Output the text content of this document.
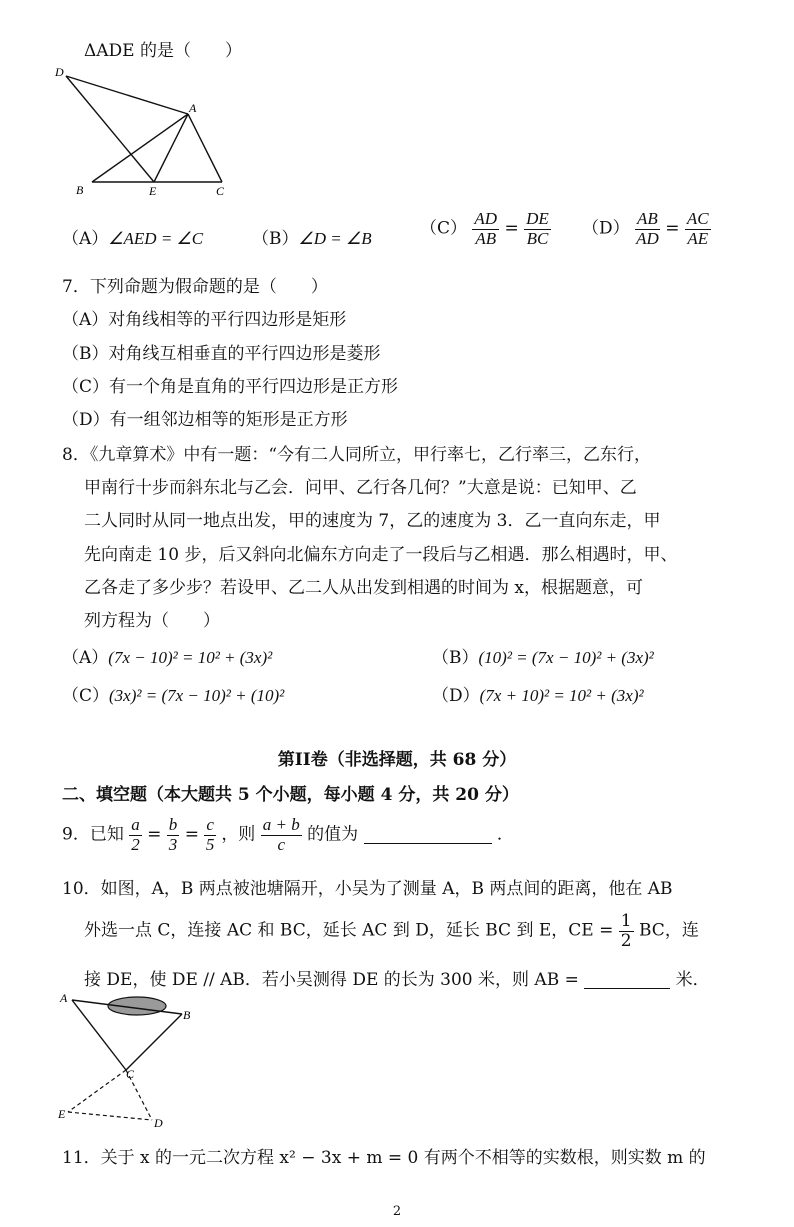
ΔADE 的是（　　）
D
A
B	E	C
（A）∠AED = ∠C	（B）∠D = ∠B	$(C) \frac{AD}{AB} = \frac{DE}{BC} (D) \frac{AB}{AD} = \frac{AC}{AE}$
7．下列命题为假命题的是（　　）
（A）对角线相等的平行四边形是矩形
（B）对角线互相垂直的平行四边形是菱形
（C）有一个角是直角的平行四边形是正方形
（D）有一组邻边相等的矩形是正方形
8．《九章算术》中有一题：“今有二人同所立，甲行率七，乙行率三，乙东行，
甲南行十步而斜东北与乙会．问甲、乙行各几何？”大意是说：已知甲、乙
二人同时从同一地点出发，甲的速度为 7，乙的速度为 3．乙一直向东走，甲
先向南走 10 步，后又斜向北偏东方向走了一段后与乙相遇．那么相遇时，甲、
乙各走了多少步？若设甲、乙二人从出发到相遇的时间为 x，根据题意，可
列方程为（　　）
（A）(7x − 10)² = 10² + (3x)²	（B）(10)² = (7x − 10)² + (3x)²
（C）(3x)² = (7x − 10)² + (10)²	（D）(7x + 10)² = 10² + (3x)²
第II卷（非选择题，共 68 分）
二、填空题（本大题共 5 个小题，每小题 4 分，共 20 分）
9．已知 $\frac{a}{2} = \frac{b}{3} = \frac{c}{5}$ ，则 $\frac{a + b}{c}$ 的值为	．
10．如图，A，B 两点被池塘隔开，小吴为了测量 A，B 两点间的距离，他在 AB
外选一点 C，连接 AC 和 BC，延长 AC 到 D，延长 BC 到 E，CE = $\frac{1}{2}$ BC，连
接 DE，使 DE // AB．若小吴测得 DE 的长为 300 米，则 AB =	米．
A
B
C
E
D
11．关于 x 的一元二次方程 x² − 3x + m = 0 有两个不相等的实数根，则实数 m 的
2
